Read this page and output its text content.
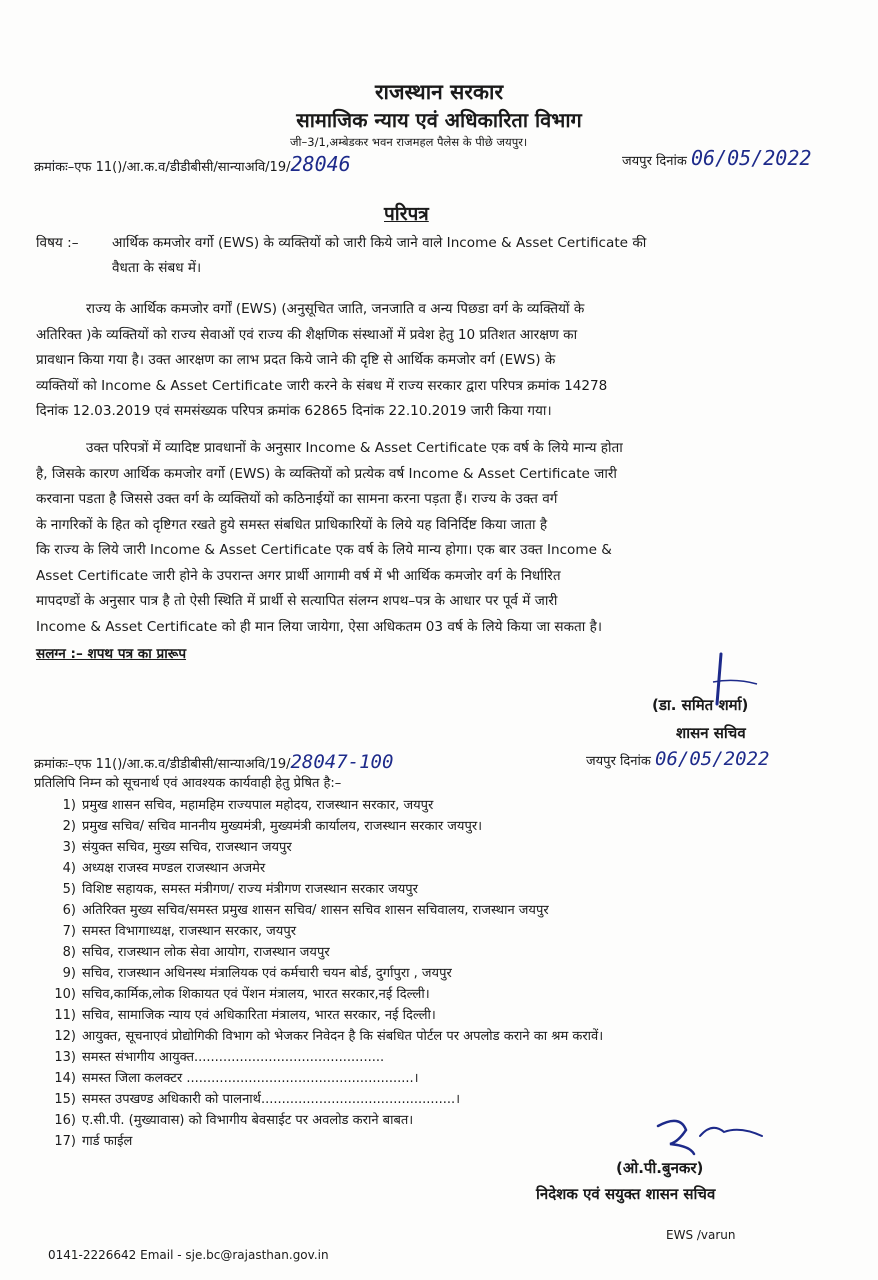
राजस्थान सरकार
सामाजिक न्याय एवं अधिकारिता विभाग
जी–3/1,अम्बेडकर भवन राजमहल पैलेस के पीछे जयपुर।
क्रमांकः–एफ 11()/आ.क.व/डीडीबीसी/सान्याअवि/19/28046	जयपुर दिनांक 06/05/2022
परिपत्र
विषय :– आर्थिक कमजोर वर्गो (EWS) के व्यक्तियों को जारी किये जाने वाले Income & Asset Certificate की
वैधता के संबध में।
राज्य के आर्थिक कमजोर वर्गों (EWS) (अनुसूचित जाति, जनजाति व अन्य पिछडा वर्ग के व्यक्तियों के
अतिरिक्त )के व्यक्तियों को राज्य सेवाओं एवं राज्य की शैक्षणिक संस्थाओं में प्रवेश हेतु 10 प्रतिशत आरक्षण का
प्रावधान किया गया है। उक्त आरक्षण का लाभ प्रदत किये जाने की दृष्टि से आर्थिक कमजोर वर्ग (EWS) के
व्यक्तियों को Income & Asset Certificate जारी करने के संबध में राज्य सरकार द्वारा परिपत्र क्रमांक 14278
दिनांक 12.03.2019 एवं समसंख्यक परिपत्र क्रमांक 62865 दिनांक 22.10.2019 जारी किया गया।
उक्त परिपत्रों में व्यादिष्ट प्रावधानों के अनुसार Income & Asset Certificate एक वर्ष के लिये मान्य होता
है, जिसके कारण आर्थिक कमजोर वर्गो (EWS) के व्यक्तियों को प्रत्येक वर्ष Income & Asset Certificate जारी
करवाना पडता है जिससे उक्त वर्ग के व्यक्तियों को कठिनाईयों का सामना करना पड़ता हैं। राज्य के उक्त वर्ग
के नागरिकों के हित को दृष्टिगत रखते हुये समस्त संबधित प्राधिकारियों के लिये यह विनिर्दिष्ट किया जाता है
कि राज्य के लिये जारी Income & Asset Certificate एक वर्ष के लिये मान्य होगा। एक बार उक्त Income &
Asset Certificate जारी होने के उपरान्त अगर प्रार्थी आगामी वर्ष में भी आर्थिक कमजोर वर्ग के निर्धारित
मापदण्डों के अनुसार पात्र है तो ऐसी स्थिति में प्रार्थी से सत्यापित संलग्न शपथ–पत्र के आधार पर पूर्व में जारी
Income & Asset Certificate को ही मान लिया जायेगा, ऐसा अधिकतम 03 वर्ष के लिये किया जा सकता है।
सलग्न :– शपथ पत्र का प्रारूप
(डा. समित शर्मा)
शासन सचिव
क्रमांकः–एफ 11()/आ.क.व/डीडीबीसी/सान्याअवि/19/28047-100	जयपुर दिनांक 06/05/2022
प्रतिलिपि निम्न को सूचनार्थ एवं आवश्यक कार्यवाही हेतु प्रेषित है:–
1) प्रमुख शासन सचिव, महामहिम राज्यपाल महोदय, राजस्थान सरकार, जयपुर
2) प्रमुख सचिव/ सचिव माननीय मुख्यमंत्री, मुख्यमंत्री कार्यालय, राजस्थान सरकार जयपुर।
3) संयुक्त सचिव, मुख्य सचिव, राजस्थान जयपुर
4) अध्यक्ष राजस्व मण्डल राजस्थान अजमेर
5) विशिष्ट सहायक, समस्त मंत्रीगण/ राज्य मंत्रीगण राजस्थान सरकार जयपुर
6) अतिरिक्त मुख्य सचिव/समस्त प्रमुख शासन सचिव/ शासन सचिव शासन सचिवालय, राजस्थान जयपुर
7) समस्त विभागाध्यक्ष, राजस्थान सरकार, जयपुर
8) सचिव, राजस्थान लोक सेवा आयोग, राजस्थान जयपुर
9) सचिव, राजस्थान अधिनस्थ मंत्रालियक एवं कर्मचारी चयन बोर्ड, दुर्गापुरा , जयपुर
10) सचिव,कार्मिक,लोक शिकायत एवं पेंशन मंत्रालय, भारत सरकार,नई दिल्ली।
11) सचिव, सामाजिक न्याय एवं अधिकारिता मंत्रालय, भारत सरकार, नई दिल्ली।
12) आयुक्त, सूचनाएवं प्रोद्योगिकी विभाग को भेजकर निवेदन है कि संबधित पोर्टल पर अपलोड कराने का श्रम करावें।
13) समस्त संभागीय आयुक्त..............................................
14) समस्त जिला कलक्टर .......................................................।
15) समस्त उपखण्ड अधिकारी को पालनार्थ...............................................।
16) ए.सी.पी. (मुख्यावास) को विभागीय बेवसाईट पर अवलोड कराने बाबत।
17) गार्ड फाईल
(ओ.पी.बुनकर)
निदेशक एवं सयुक्त शासन सचिव
EWS /varun
0141-2226642 Email - sje.bc@rajasthan.gov.in
